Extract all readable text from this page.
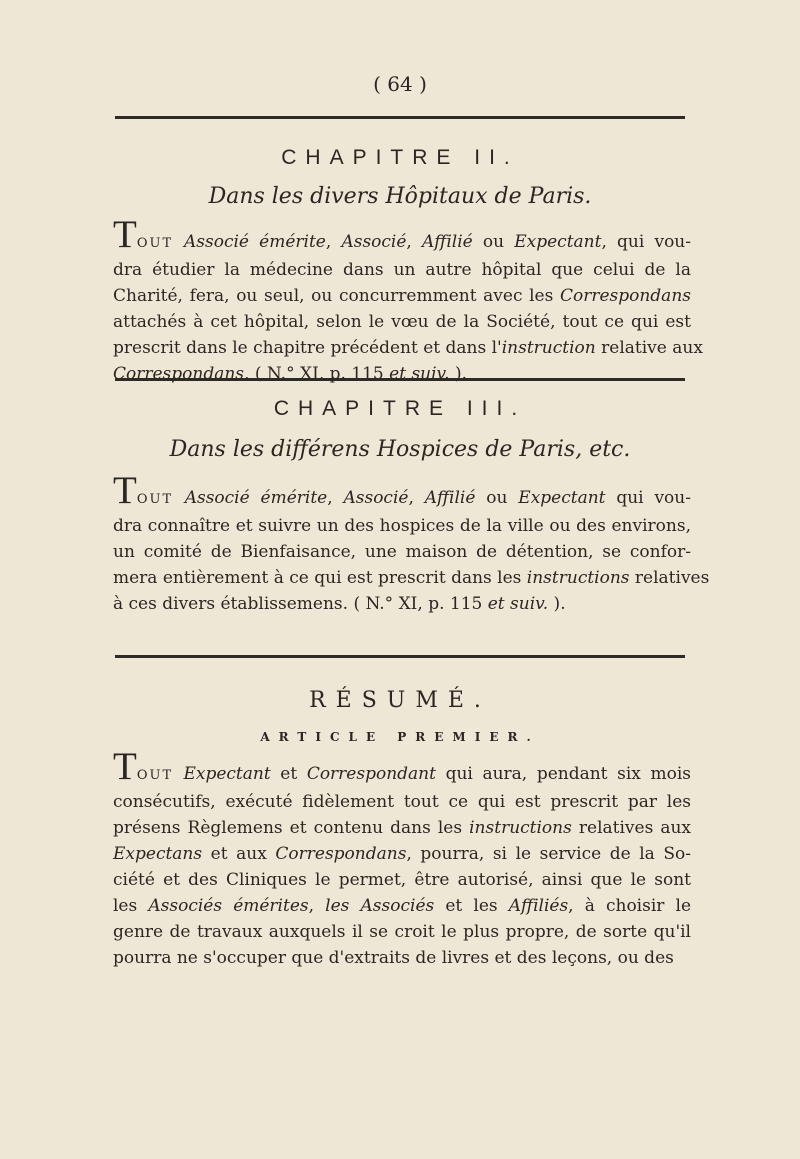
( 64 )
CHAPITRE II.
Dans les divers Hôpitaux de Paris.

TOUT Associé émérite, Associé, Affilié ou Expectant, qui vou-
dra étudier la médecine dans un autre hôpital que celui de la
Charité, fera, ou seul, ou concurremment avec les Correspondans
attachés à cet hôpital, selon le vœu de la Société, tout ce qui est
prescrit dans le chapitre précédent et dans l'instruction relative aux
Correspondans, ( N.° XI, p. 115 et suiv. ).

CHAPITRE III.
Dans les différens Hospices de Paris, etc.

TOUT Associé émérite, Associé, Affilié ou Expectant qui vou-
dra connaître et suivre un des hospices de la ville ou des environs,
un comité de Bienfaisance, une maison de détention, se confor-
mera entièrement à ce qui est prescrit dans les instructions relatives
à ces divers établissemens. ( N.° XI, p. 115 et suiv. ).

RÉSUMÉ.
ARTICLE PREMIER.

TOUT Expectant et Correspondant qui aura, pendant six mois
consécutifs, exécuté fidèlement tout ce qui est prescrit par les
présens Règlemens et contenu dans les instructions relatives aux
Expectans et aux Correspondans, pourra, si le service de la So-
ciété et des Cliniques le permet, être autorisé, ainsi que le sont
les Associés émérites, les Associés et les Affiliés, à choisir le
genre de travaux auxquels il se croit le plus propre, de sorte qu'il
pourra ne s'occuper que d'extraits de livres et des leçons, ou des
